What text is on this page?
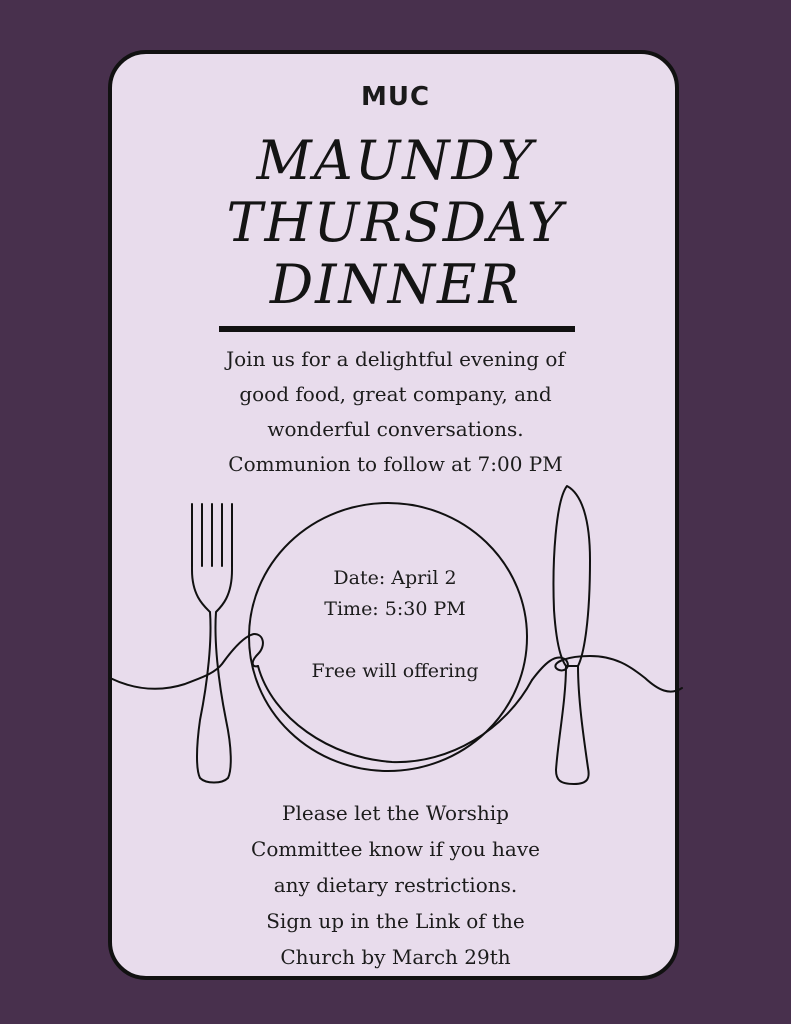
MUC
MAUNDY
THURSDAY
DINNER
Join us for a delightful evening of
good food, great company, and
wonderful conversations.
Communion to follow at 7:00 PM
Date: April 2
Time: 5:30 PM
Free will offering
Please let the Worship
Committee know if you have
any dietary restrictions.
Sign up in the Link of the
Church by March 29th
